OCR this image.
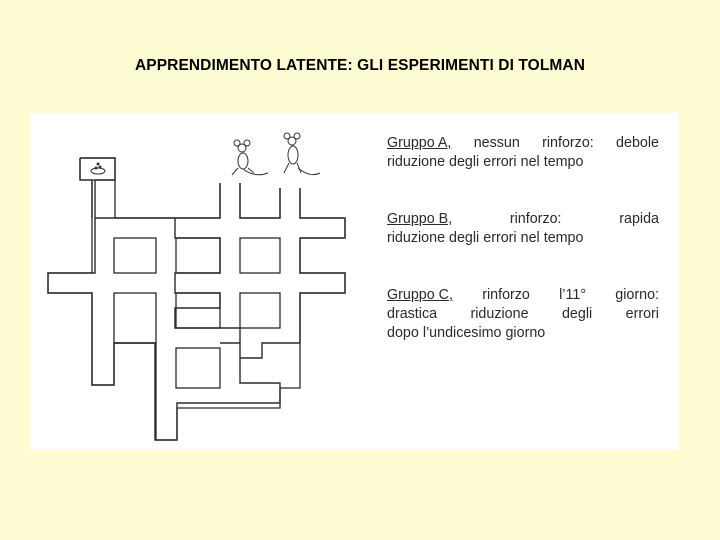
APPRENDIMENTO LATENTE: GLI ESPERIMENTI DI TOLMAN
Gruppo A, nessun rinforzo: debole
riduzione degli errori nel tempo
Gruppo B,	rinforzo:	rapida
riduzione degli errori nel tempo
Gruppo C, rinforzo l’11° giorno:
drastica riduzione degli errori
dopo l’undicesimo giorno
